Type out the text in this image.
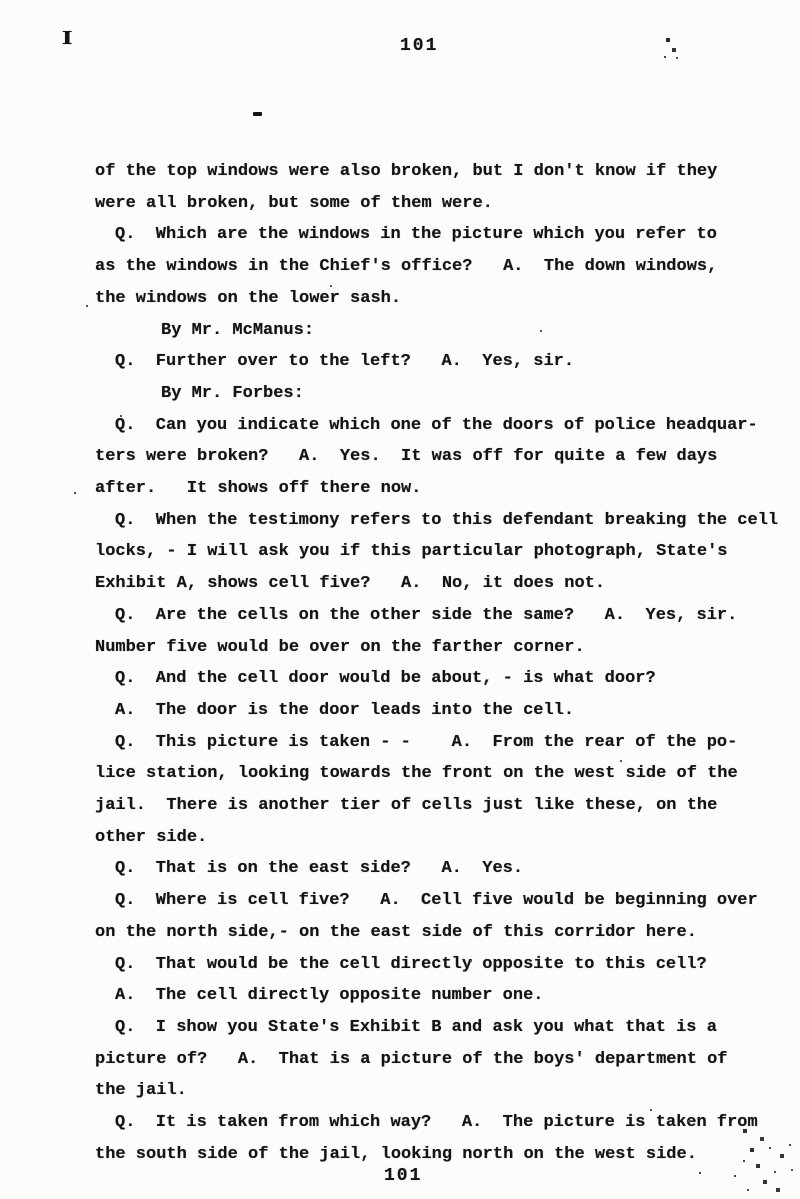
I	101
of the top windows were also broken, but I don't know if they
were all broken, but some of them were.
Q.  Which are the windows in the picture which you refer to
as the windows in the Chief's office?   A.  The down windows,
the windows on the lower sash.
By Mr. McManus:
Q.  Further over to the left?   A.  Yes, sir.
By Mr. Forbes:
Q.  Can you indicate which one of the doors of police headquar-
ters were broken?   A.  Yes.  It was off for quite a few days
after.   It shows off there now.
Q.  When the testimony refers to this defendant breaking the cell
locks, - I will ask you if this particular photograph, State's
Exhibit A, shows cell five?   A.  No, it does not.
Q.  Are the cells on the other side the same?   A.  Yes, sir.
Number five would be over on the farther corner.
Q.  And the cell door would be about, - is what door?
A.  The door is the door leads into the cell.
Q.  This picture is taken - -    A.  From the rear of the po-
lice station, looking towards the front on the west side of the
jail.  There is another tier of cells just like these, on the
other side.
Q.  That is on the east side?   A.  Yes.
Q.  Where is cell five?   A.  Cell five would be beginning over
on the north side,- on the east side of this corridor here.
Q.  That would be the cell directly opposite to this cell?
A.  The cell directly opposite number one.
Q.  I show you State's Exhibit B and ask you what that is a
picture of?   A.  That is a picture of the boys' department of
the jail.
Q.  It is taken from which way?   A.  The picture is taken from
the south side of the jail, looking north on the west side.
101
